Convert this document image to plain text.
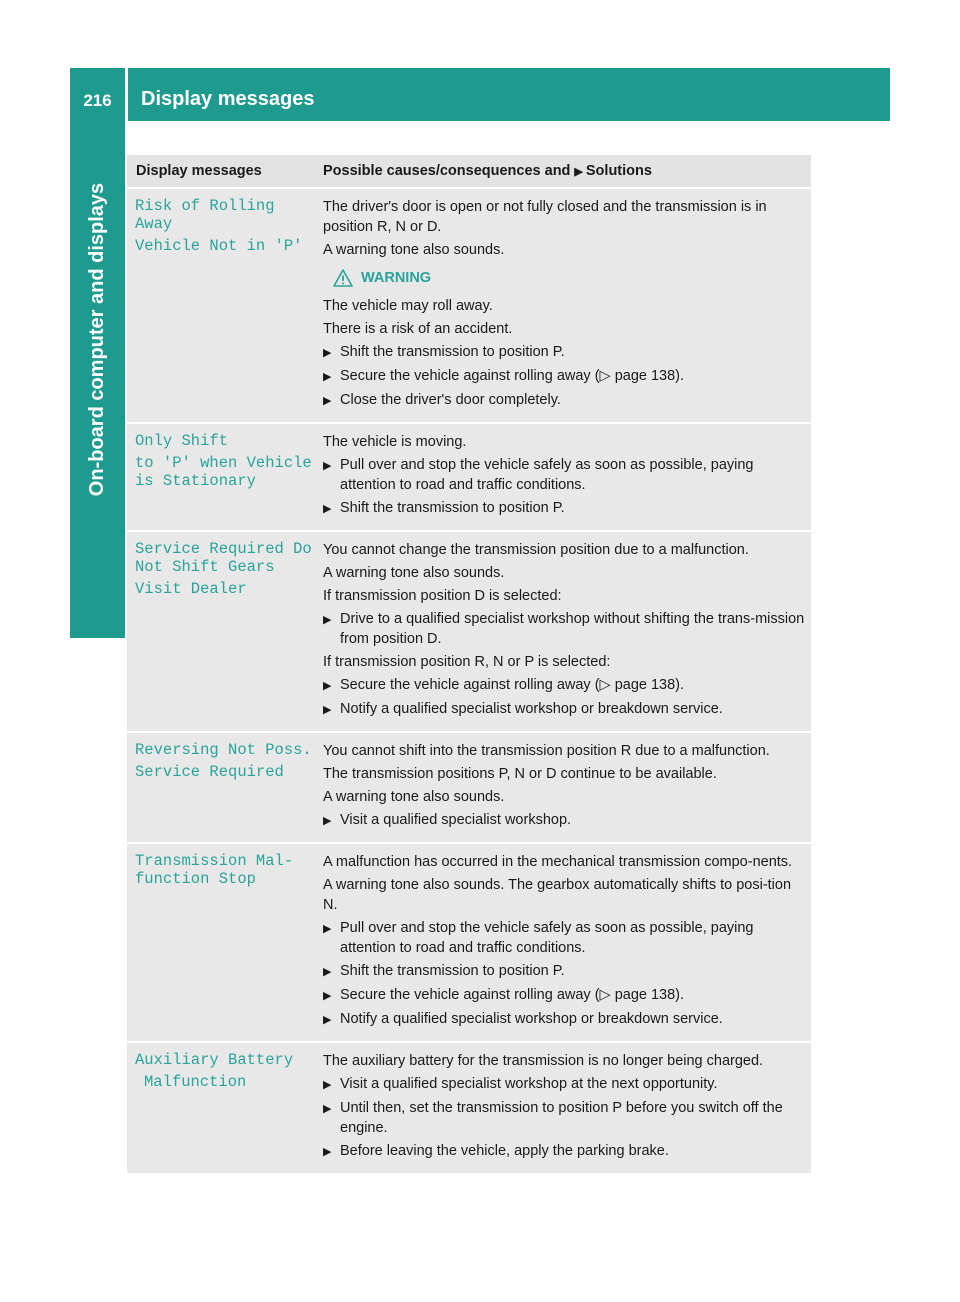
216	Display messages
On-board computer and displays
Display messages	Possible causes/consequences and ▶ Solutions
Risk of Rolling Away
Vehicle Not in 'P'
The driver's door is open or not fully closed and the transmission is in position R, N or D.
A warning tone also sounds.
WARNING
The vehicle may roll away.
There is a risk of an accident.
▶ Shift the transmission to position P.
▶ Secure the vehicle against rolling away (▷ page 138).
▶ Close the driver's door completely.
Only Shift
to 'P' when Vehicle is Stationary
The vehicle is moving.
▶ Pull over and stop the vehicle safely as soon as possible, paying attention to road and traffic conditions.
▶ Shift the transmission to position P.
Service Required Do Not Shift Gears
Visit Dealer
You cannot change the transmission position due to a malfunction.
A warning tone also sounds.
If transmission position D is selected:
▶ Drive to a qualified specialist workshop without shifting the trans-mission from position D.
If transmission position R, N or P is selected:
▶ Secure the vehicle against rolling away (▷ page 138).
▶ Notify a qualified specialist workshop or breakdown service.
Reversing Not Poss.
Service Required
You cannot shift into the transmission position R due to a malfunction.
The transmission positions P, N or D continue to be available.
A warning tone also sounds.
▶ Visit a qualified specialist workshop.
Transmission Mal‐ function Stop
A malfunction has occurred in the mechanical transmission compo-nents.
A warning tone also sounds. The gearbox automatically shifts to posi-tion N.
▶ Pull over and stop the vehicle safely as soon as possible, paying attention to road and traffic conditions.
▶ Shift the transmission to position P.
▶ Secure the vehicle against rolling away (▷ page 138).
▶ Notify a qualified specialist workshop or breakdown service.
Auxiliary Battery
Malfunction
The auxiliary battery for the transmission is no longer being charged.
▶ Visit a qualified specialist workshop at the next opportunity.
▶ Until then, set the transmission to position P before you switch off the engine.
▶ Before leaving the vehicle, apply the parking brake.
